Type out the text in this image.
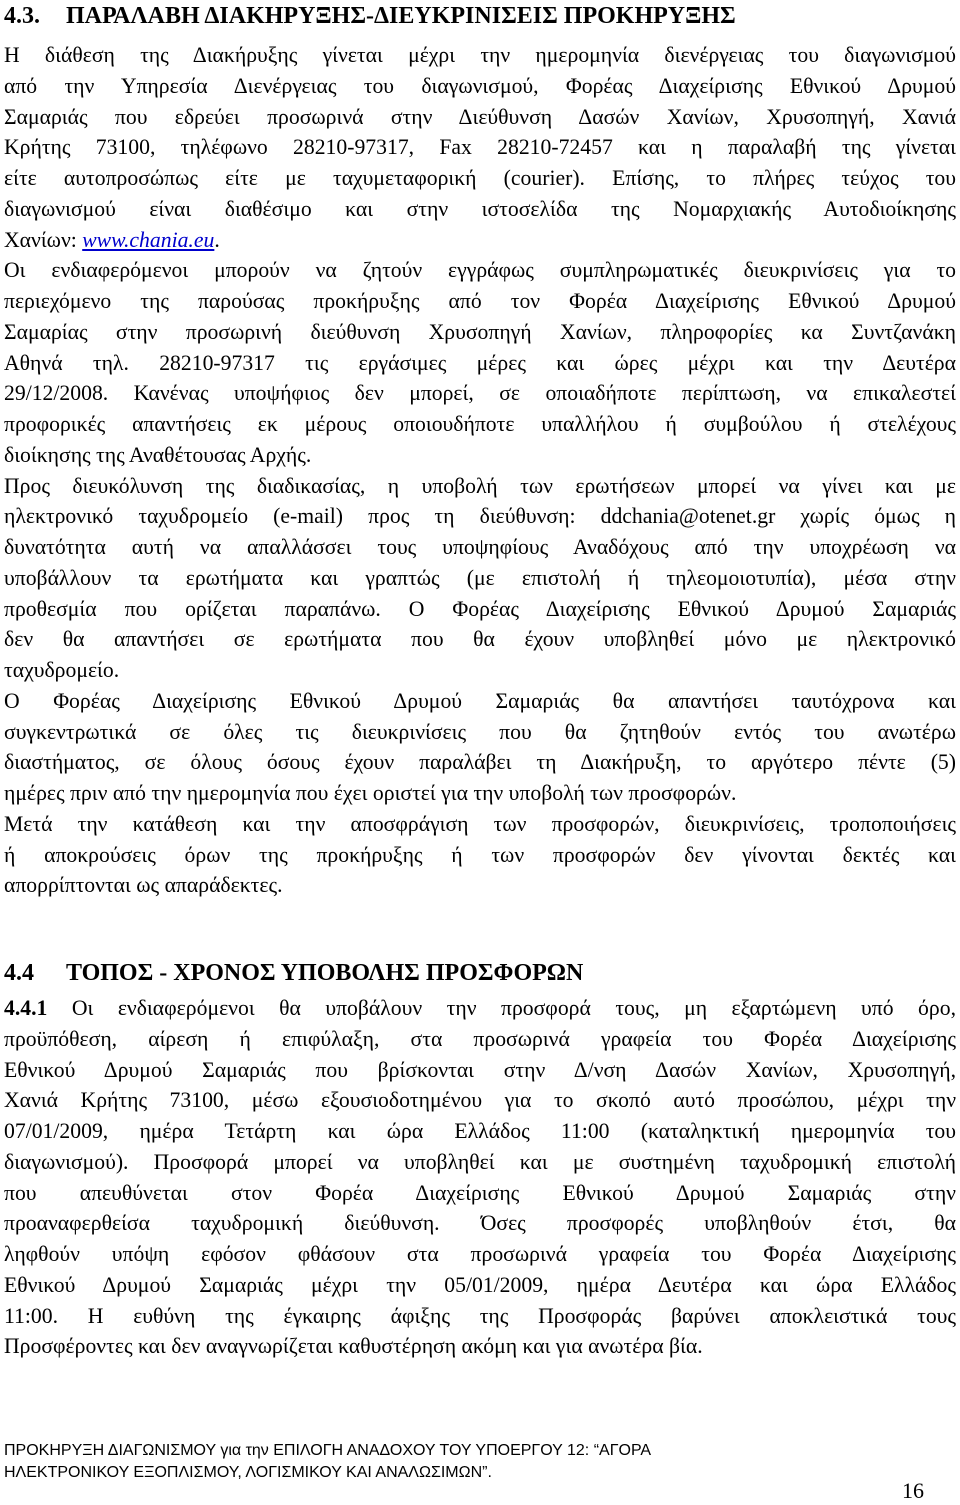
4.3. ΠΑΡΑΛΑΒΗ ΔΙΑΚΗΡΥΞΗΣ-ΔΙΕΥΚΡΙΝΙΣΕΙΣ ΠΡΟΚΗΡΥΞΗΣ
Η διάθεση της Διακήρυξης γίνεται μέχρι την ημερομηνία διενέργειας του διαγωνισμού
από την Υπηρεσία Διενέργειας του διαγωνισμού, Φορέας Διαχείρισης Εθνικού Δρυμού
Σαμαριάς που εδρεύει προσωρινά στην Διεύθυνση Δασών Χανίων, Χρυσοπηγή, Χανιά
Κρήτης 73100, τηλέφωνο 28210-97317, Fax 28210-72457 και η παραλαβή της γίνεται
είτε αυτοπροσώπως είτε με ταχυμεταφορική (courier). Επίσης, το πλήρες τεύχος του
διαγωνισμού είναι διαθέσιμο και στην ιστοσελίδα της Νομαρχιακής Αυτοδιοίκησης
Χανίων: www.chania.eu.
Οι ενδιαφερόμενοι μπορούν να ζητούν εγγράφως συμπληρωματικές διευκρινίσεις για το
περιεχόμενο της παρούσας προκήρυξης από τον Φορέα Διαχείρισης Εθνικού Δρυμού
Σαμαρίας στην προσωρινή διεύθυνση Χρυσοπηγή Χανίων, πληροφορίες κα Συντζανάκη
Αθηνά τηλ. 28210-97317 τις εργάσιμες μέρες και ώρες μέχρι και την Δευτέρα
29/12/2008. Κανένας υποψήφιος δεν μπορεί, σε οποιαδήποτε περίπτωση, να επικαλεστεί
προφορικές απαντήσεις εκ μέρους οποιουδήποτε υπαλλήλου ή συμβούλου ή στελέχους
διοίκησης της Αναθέτουσας Αρχής.
Προς διευκόλυνση της διαδικασίας, η υποβολή των ερωτήσεων μπορεί να γίνει και με
ηλεκτρονικό ταχυδρομείο (e-mail) προς τη διεύθυνση: ddchania@otenet.gr χωρίς όμως η
δυνατότητα αυτή να απαλλάσσει τους υποψηφίους Αναδόχους από την υποχρέωση να
υποβάλλουν τα ερωτήματα και γραπτώς (με επιστολή ή τηλεομοιοτυπία), μέσα στην
προθεσμία που ορίζεται παραπάνω. Ο Φορέας Διαχείρισης Εθνικού Δρυμού Σαμαριάς
δεν θα απαντήσει σε ερωτήματα που θα έχουν υποβληθεί μόνο με ηλεκτρονικό
ταχυδρομείο.
Ο Φορέας Διαχείρισης Εθνικού Δρυμού Σαμαριάς θα απαντήσει ταυτόχρονα και
συγκεντρωτικά σε όλες τις διευκρινίσεις που θα ζητηθούν εντός του ανωτέρω
διαστήματος, σε όλους όσους έχουν παραλάβει τη Διακήρυξη, το αργότερο πέντε (5)
ημέρες πριν από την ημερομηνία που έχει οριστεί για την υποβολή των προσφορών.
Μετά την κατάθεση και την αποσφράγιση των προσφορών, διευκρινίσεις, τροποποιήσεις
ή αποκρούσεις όρων της προκήρυξης ή των προσφορών δεν γίνονται δεκτές και
απορρίπτονται ως απαράδεκτες.
4.4 ΤΟΠΟΣ - ΧΡΟΝΟΣ ΥΠΟΒΟΛΗΣ ΠΡΟΣΦΟΡΩΝ
4.4.1 Οι ενδιαφερόμενοι θα υποβάλουν την προσφορά τους, μη εξαρτώμενη υπό όρο,
προϋπόθεση, αίρεση ή επιφύλαξη, στα προσωρινά γραφεία του Φορέα Διαχείρισης
Εθνικού Δρυμού Σαμαριάς που βρίσκονται στην Δ/νση Δασών Χανίων, Χρυσοπηγή,
Χανιά Κρήτης 73100, μέσω εξουσιοδοτημένου για το σκοπό αυτό προσώπου, μέχρι την
07/01/2009, ημέρα Τετάρτη και ώρα Ελλάδος 11:00 (καταληκτική ημερομηνία του
διαγωνισμού). Προσφορά μπορεί να υποβληθεί και με συστημένη ταχυδρομική επιστολή
που απευθύνεται στον Φορέα Διαχείρισης Εθνικού Δρυμού Σαμαριάς στην
προαναφερθείσα ταχυδρομική διεύθυνση. Όσες προσφορές υποβληθούν έτσι, θα
ληφθούν υπόψη εφόσον φθάσουν στα προσωρινά γραφεία του Φορέα Διαχείρισης
Εθνικού Δρυμού Σαμαριάς μέχρι την 05/01/2009, ημέρα Δευτέρα και ώρα Ελλάδος
11:00. Η ευθύνη της έγκαιρης άφιξης της Προσφοράς βαρύνει αποκλειστικά τους
Προσφέροντες και δεν αναγνωρίζεται καθυστέρηση ακόμη και για ανωτέρα βία.
ΠΡΟΚΗΡΥΞΗ ΔΙΑΓΩΝΙΣΜΟΥ για την ΕΠΙΛΟΓΗ ΑΝΑΔΟΧΟΥ ΤΟΥ ΥΠΟΕΡΓΟΥ 12: “ΑΓΟΡΑ
ΗΛΕΚΤΡΟΝΙΚΟΥ ΕΞΟΠΛΙΣΜΟΥ, ΛΟΓΙΣΜΙΚΟΥ ΚΑΙ ΑΝΑΛΩΣΙΜΩΝ”.
16
